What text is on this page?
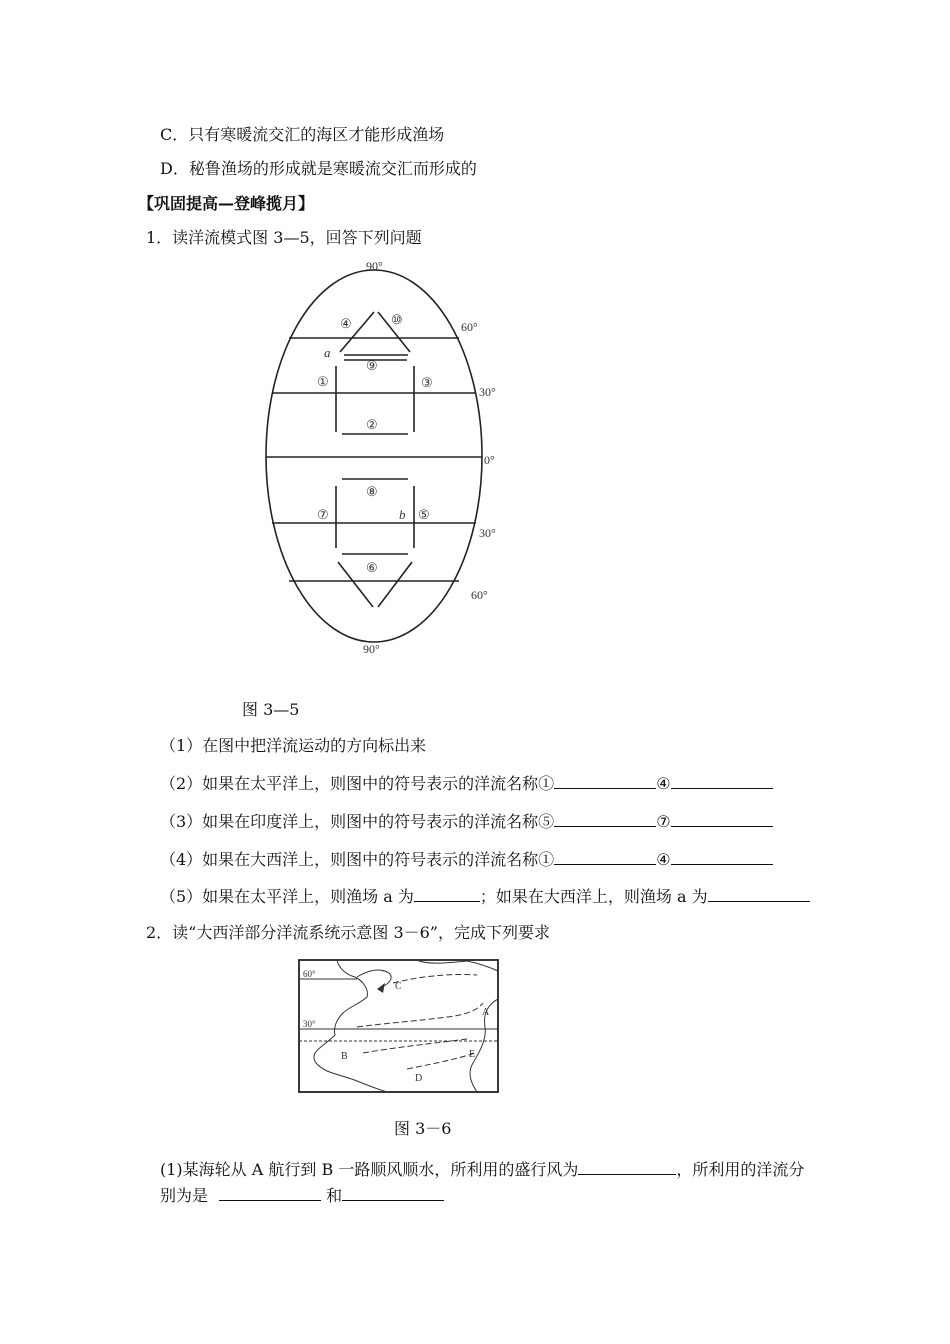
C．只有寒暖流交汇的海区才能形成渔场
D．秘鲁渔场的形成就是寒暖流交汇而形成的
【巩固提高—登峰揽月】
1．读洋流模式图 3—5，回答下列问题
90°
60°
30°
0°
30°
60°
90°
④	⑩
a
⑨
①	③
②
⑧
⑦	b ⑤
⑥
图 3—5
（1）在图中把洋流运动的方向标出来
（2）如果在太平洋上，则图中的符号表示的洋流名称①	④
（3）如果在印度洋上，则图中的符号表示的洋流名称⑤	⑦
（4）如果在大西洋上，则图中的符号表示的洋流名称①	④
（5）如果在太平洋上，则渔场 a 为	；如果在大西洋上，则渔场 a 为
2．读“大西洋部分洋流系统示意图 3－6”，完成下列要求
60°
30°
C
A
B	E
D
图 3－6
(1)某海轮从 A 航行到 B 一路顺风顺水，所利用的盛行风为	，所利用的洋流分
别为是	和
